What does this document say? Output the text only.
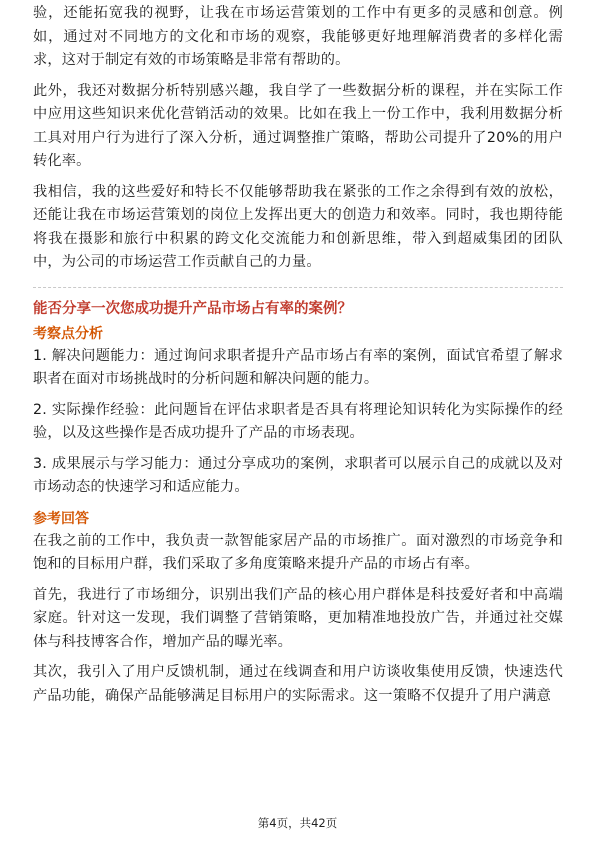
验，还能拓宽我的视野，让我在市场运营策划的工作中有更多的灵感和创意。例如，通过对不同地方的文化和市场的观察，我能够更好地理解消费者的多样化需求，这对于制定有效的市场策略是非常有帮助的。

此外，我还对数据分析特别感兴趣，我自学了一些数据分析的课程，并在实际工作中应用这些知识来优化营销活动的效果。比如在我上一份工作中，我利用数据分析工具对用户行为进行了深入分析，通过调整推广策略，帮助公司提升了20%的用户转化率。

我相信，我的这些爱好和特长不仅能够帮助我在紧张的工作之余得到有效的放松，还能让我在市场运营策划的岗位上发挥出更大的创造力和效率。同时，我也期待能将我在摄影和旅行中积累的跨文化交流能力和创新思维，带入到超威集团的团队中，为公司的市场运营工作贡献自己的力量。

能否分享一次您成功提升产品市场占有率的案例？
考察点分析

1. 解决问题能力：通过询问求职者提升产品市场占有率的案例，面试官希望了解求职者在面对市场挑战时的分析问题和解决问题的能力。

2. 实际操作经验：此问题旨在评估求职者是否具有将理论知识转化为实际操作的经验，以及这些操作是否成功提升了产品的市场表现。

3. 成果展示与学习能力：通过分享成功的案例，求职者可以展示自己的成就以及对市场动态的快速学习和适应能力。

参考回答

在我之前的工作中，我负责一款智能家居产品的市场推广。面对激烈的市场竞争和饱和的目标用户群，我们采取了多角度策略来提升产品的市场占有率。

首先，我进行了市场细分，识别出我们产品的核心用户群体是科技爱好者和中高端家庭。针对这一发现，我们调整了营销策略，更加精准地投放广告，并通过社交媒体与科技博客合作，增加产品的曝光率。

其次，我引入了用户反馈机制，通过在线调查和用户访谈收集使用反馈，快速迭代产品功能，确保产品能够满足目标用户的实际需求。这一策略不仅提升了用户满意

第4页，共42页
